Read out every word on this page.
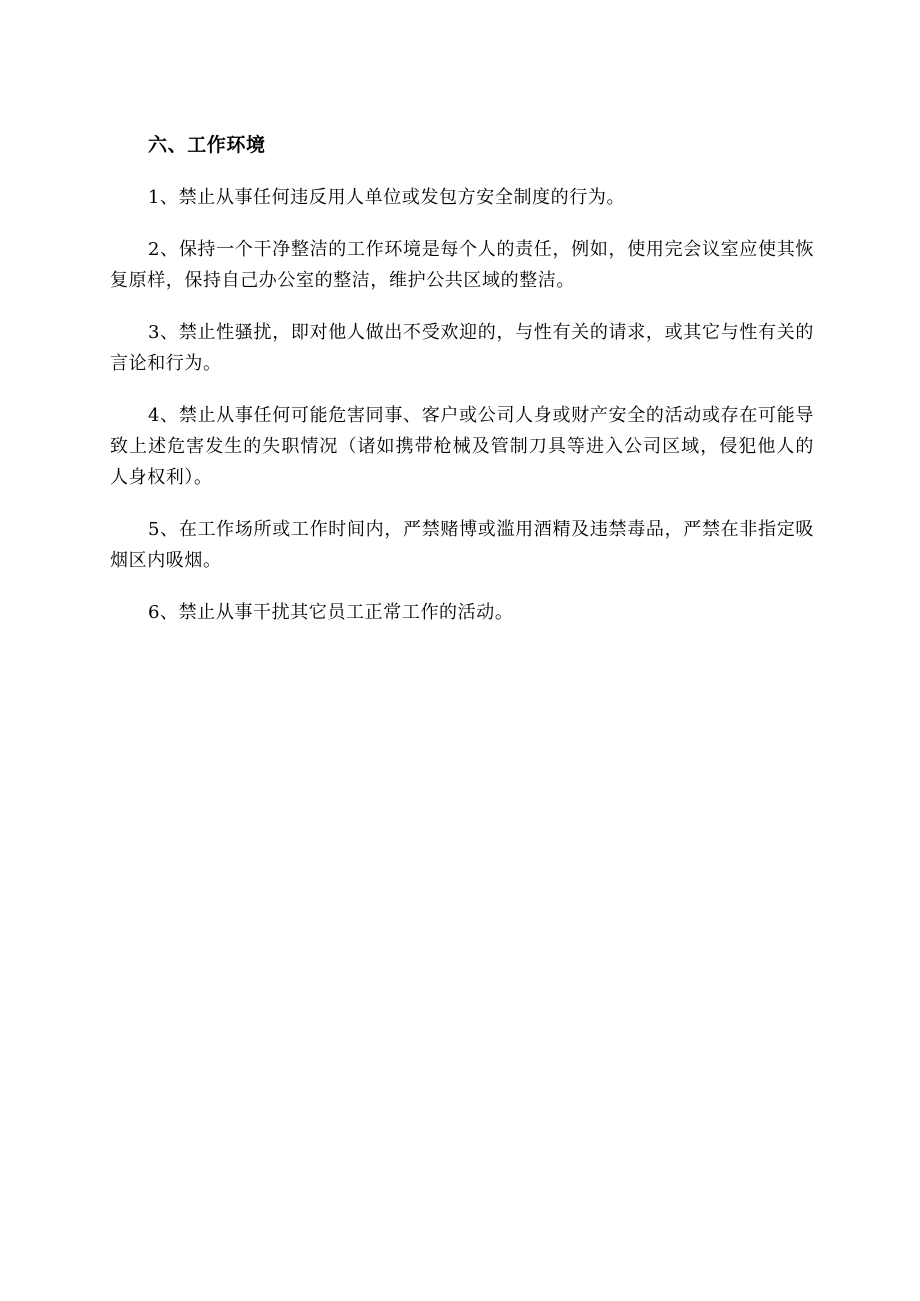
六、工作环境

1、禁止从事任何违反用人单位或发包方安全制度的行为。

2、保持一个干净整洁的工作环境是每个人的责任，例如，使用完会议室应使其恢复原样，保持自己办公室的整洁，维护公共区域的整洁。

3、禁止性骚扰，即对他人做出不受欢迎的，与性有关的请求，或其它与性有关的言论和行为。

4、禁止从事任何可能危害同事、客户或公司人身或财产安全的活动或存在可能导致上述危害发生的失职情况（诸如携带枪械及管制刀具等进入公司区域，侵犯他人的人身权利）。

5、在工作场所或工作时间内，严禁赌博或滥用酒精及违禁毒品，严禁在非指定吸烟区内吸烟。

6、禁止从事干扰其它员工正常工作的活动。
